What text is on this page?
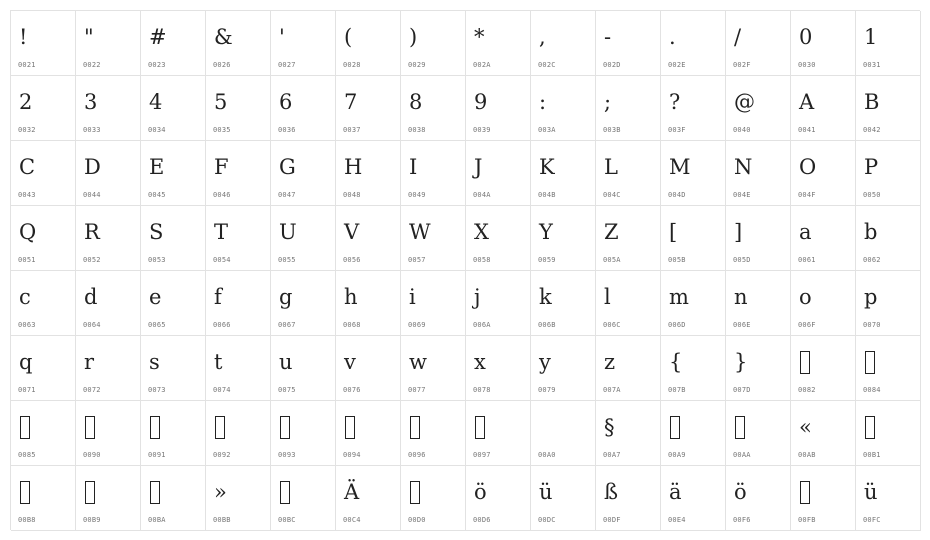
!
0021
"
0022
#
0023
&
0026
'
0027
(
0028
)
0029
*
002A
,
002C
-
002D
.
002E
/
002F
0
0030
1
0031
2
0032
3
0033
4
0034
5
0035
6
0036
7
0037
8
0038
9
0039
:
003A
;
003B
?
003F
@
0040
A
0041
B
0042
C
0043
D
0044
E
0045
F
0046
G
0047
H
0048
I
0049
J
004A
K
004B
L
004C
M
004D
N
004E
O
004F
P
0050
Q
0051
R
0052
S
0053
T
0054
U
0055
V
0056
W
0057
X
0058
Y
0059
Z
005A
[
005B
]
005D
a
0061
b
0062
c
0063
d
0064
e
0065
f
0066
g
0067
h
0068
i
0069
j
006A
k
006B
l
006C
m
006D
n
006E
o
006F
p
0070
q
0071
r
0072
s
0073
t
0074
u
0075
v
0076
w
0077
x
0078
y
0079
z
007A
{
007B
}
007D	0082	0084
0085	0090	0091	0092	0093	0094	0096	0097	00A0
§
00A7	00A9	00AA
«
00AB	00B1
00B8	00B9	00BA
»
00BB	00BC
Ä
00C4	00D0
ö
00D6
ü
00DC
ß
00DF
ä
00E4
ö
00F6	00FB
ü
00FC
